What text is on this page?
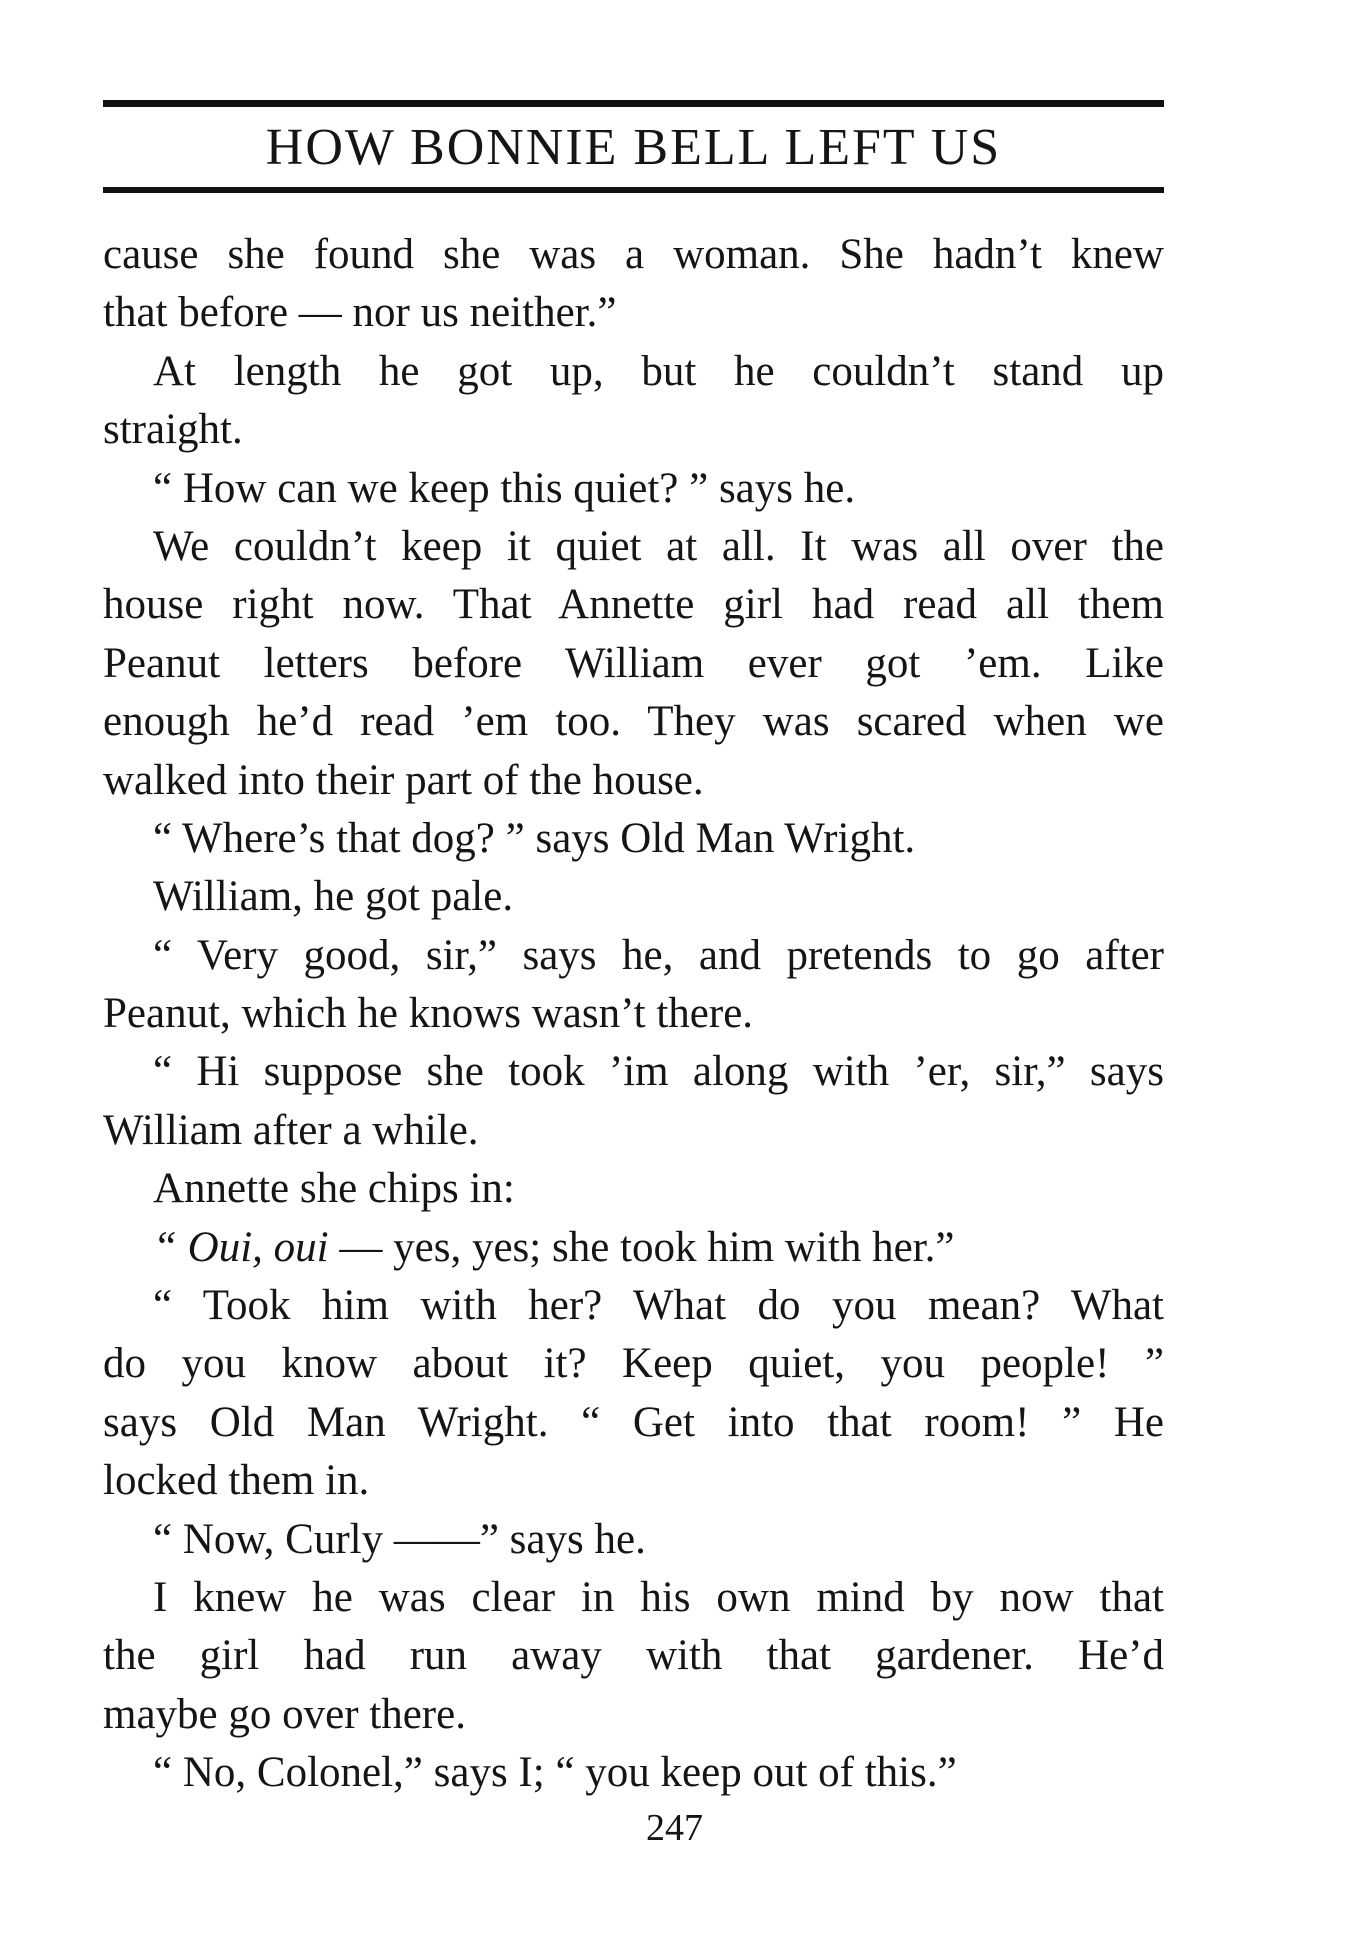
HOW BONNIE BELL LEFT US
cause she found she was a woman. She hadn’t knew
that before — nor us neither.”
At length he got up, but he couldn’t stand up
straight.
“ How can we keep this quiet? ” says he.
We couldn’t keep it quiet at all. It was all over the
house right now. That Annette girl had read all them
Peanut letters before William ever got ’em. Like
enough he’d read ’em too. They was scared when we
walked into their part of the house.
“ Where’s that dog? ” says Old Man Wright.
William, he got pale.
“ Very good, sir,” says he, and pretends to go after
Peanut, which he knows wasn’t there.
“ Hi suppose she took ’im along with ’er, sir,” says
William after a while.
Annette she chips in:
“ Oui, oui — yes, yes; she took him with her.”
“ Took him with her? What do you mean? What
do you know about it? Keep quiet, you people! ”
says Old Man Wright. “ Get into that room! ” He
locked them in.
“ Now, Curly ——” says he.
I knew he was clear in his own mind by now that
the girl had run away with that gardener. He’d
maybe go over there.
“ No, Colonel,” says I; “ you keep out of this.”
247
